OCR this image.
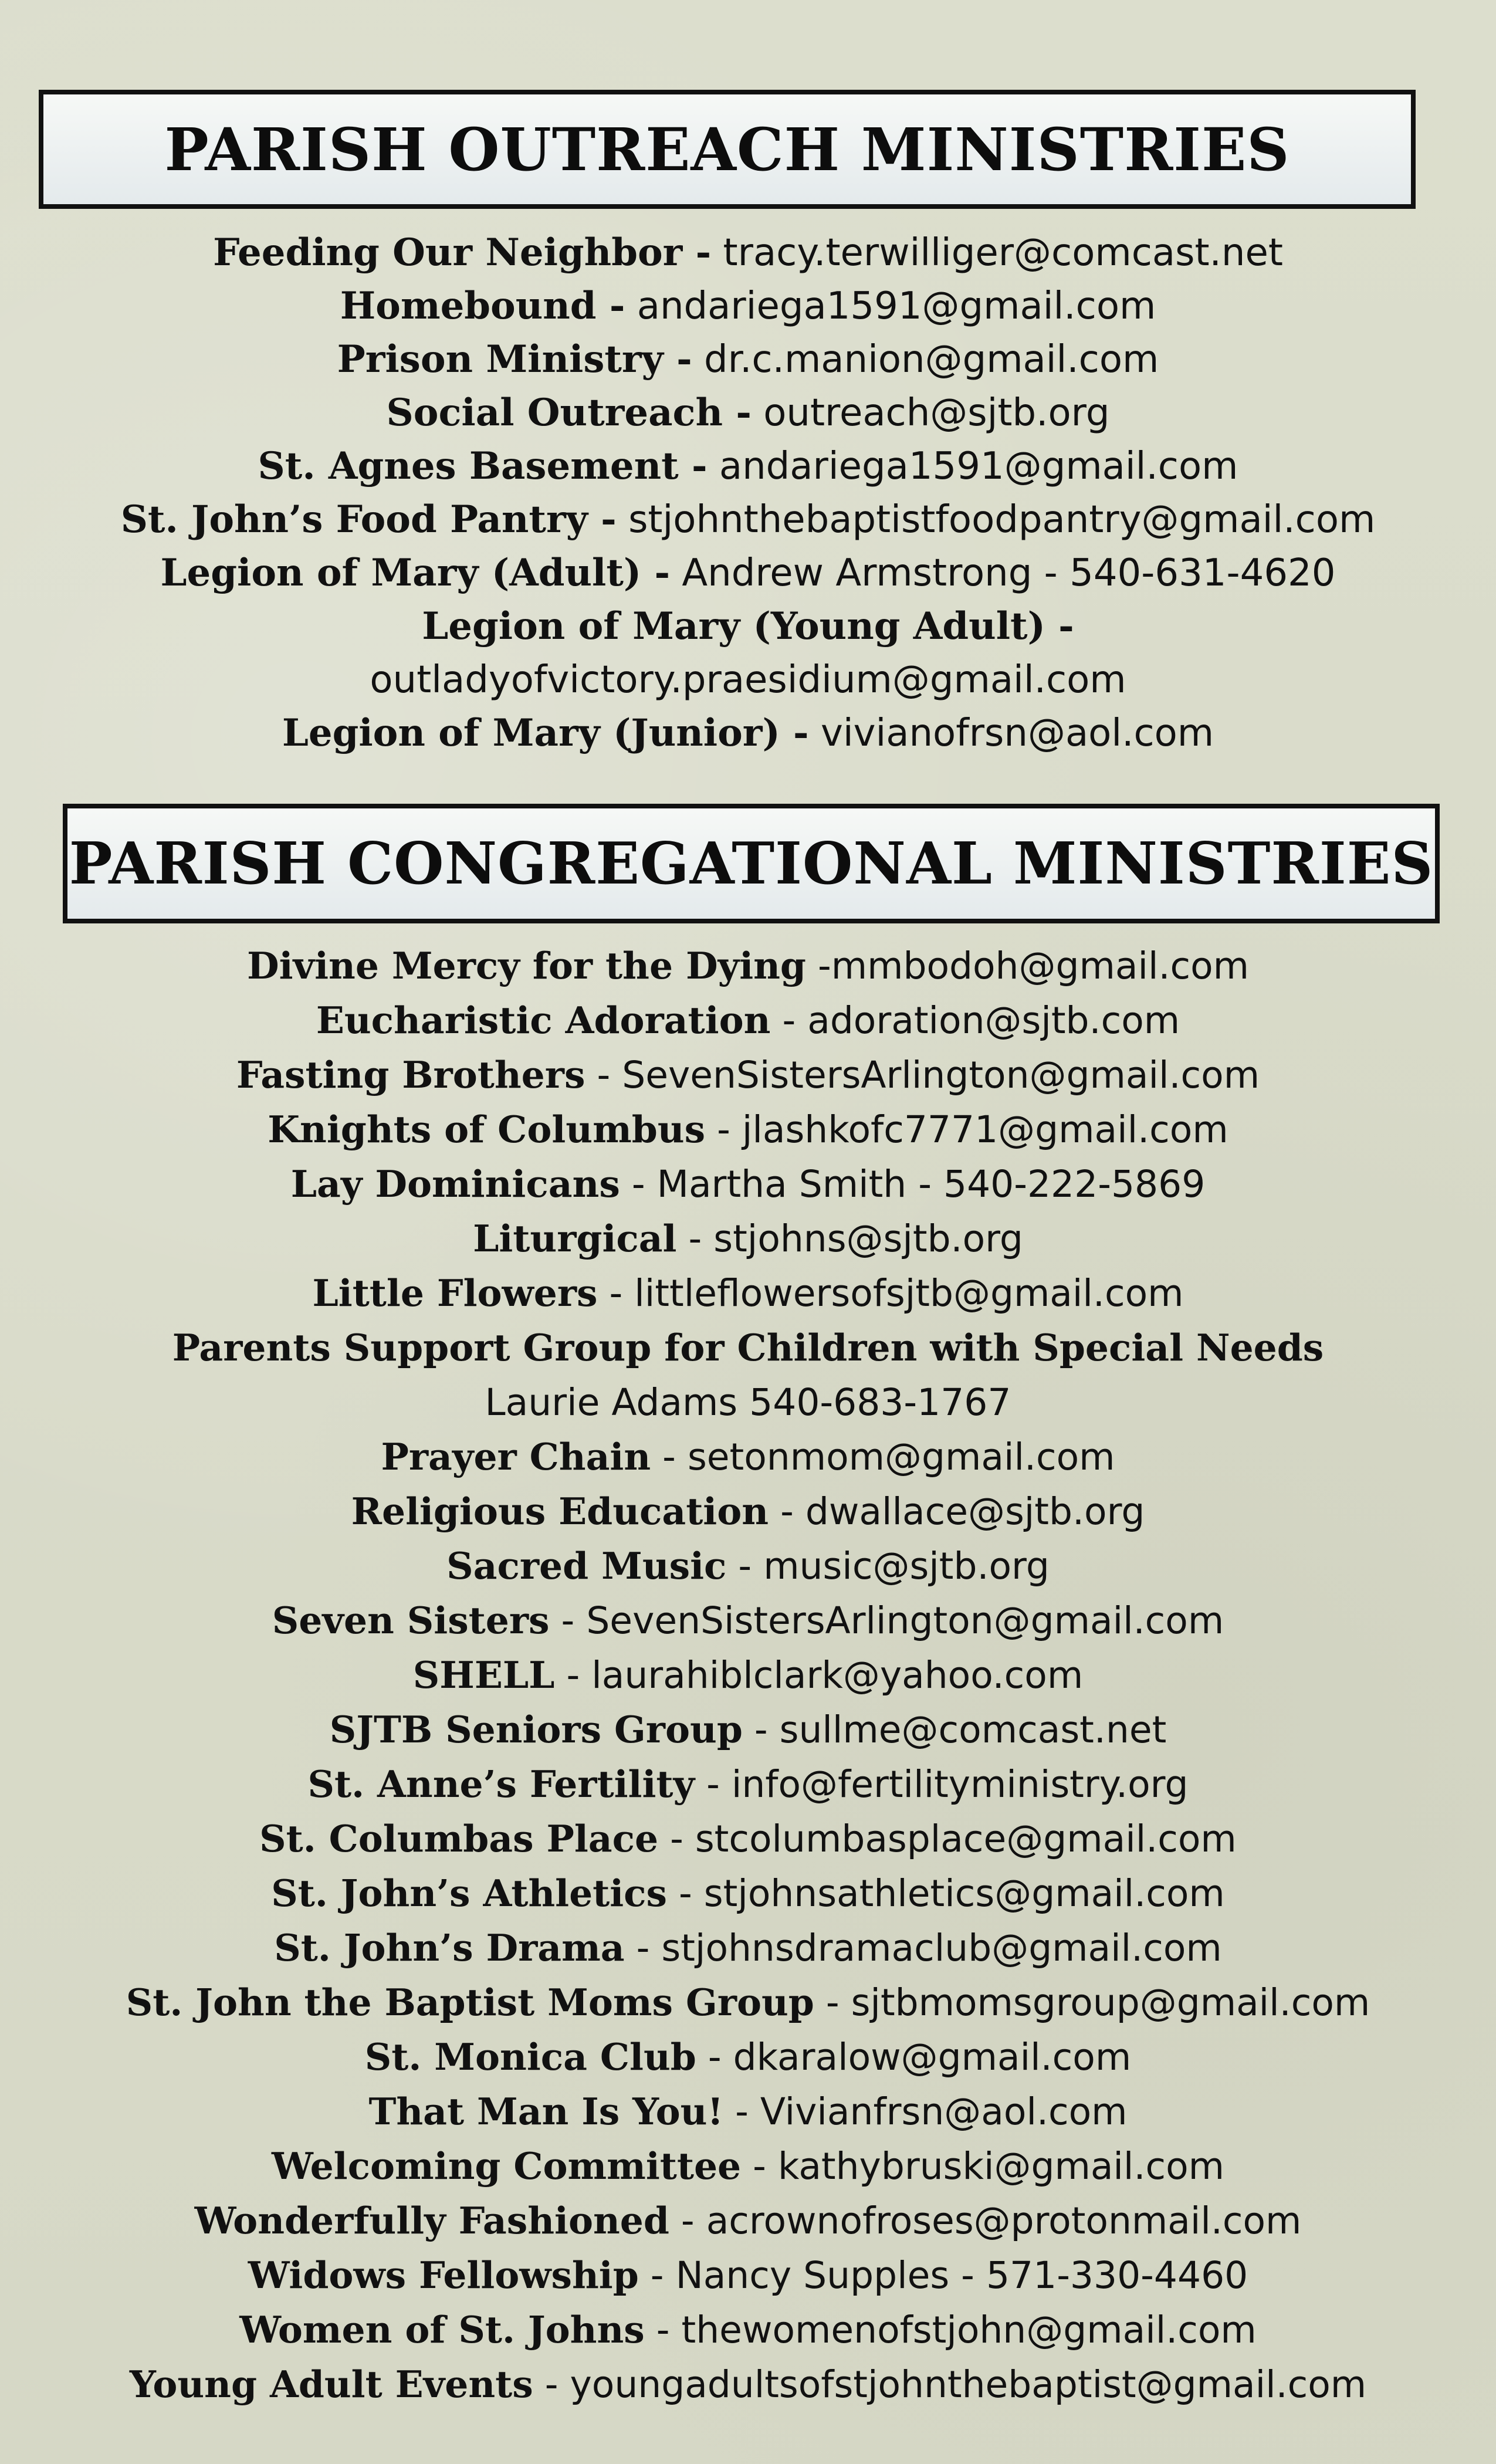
PARISH OUTREACH MINISTRIES
Feeding Our Neighbor - tracy.terwilliger@comcast.net
Homebound - andariega1591@gmail.com
Prison Ministry - dr.c.manion@gmail.com
Social Outreach - outreach@sjtb.org
St. Agnes Basement - andariega1591@gmail.com
St. John’s Food Pantry - stjohnthebaptistfoodpantry@gmail.com
Legion of Mary (Adult) - Andrew Armstrong - 540-631-4620
Legion of Mary (Young Adult) -
outladyofvictory.praesidium@gmail.com
Legion of Mary (Junior) - vivianofrsn@aol.com
PARISH CONGREGATIONAL MINISTRIES
Divine Mercy for the Dying -mmbodoh@gmail.com
Eucharistic Adoration - adoration@sjtb.com
Fasting Brothers - SevenSistersArlington@gmail.com
Knights of Columbus - jlashkofc7771@gmail.com
Lay Dominicans - Martha Smith - 540-222-5869
Liturgical - stjohns@sjtb.org
Little Flowers - littleflowersofsjtb@gmail.com
Parents Support Group for Children with Special Needs
Laurie Adams 540-683-1767
Prayer Chain - setonmom@gmail.com
Religious Education - dwallace@sjtb.org
Sacred Music - music@sjtb.org
Seven Sisters - SevenSistersArlington@gmail.com
SHELL - laurahiblclark@yahoo.com
SJTB Seniors Group - sullme@comcast.net
St. Anne’s Fertility - info@fertilityministry.org
St. Columbas Place - stcolumbasplace@gmail.com
St. John’s Athletics - stjohnsathletics@gmail.com
St. John’s Drama - stjohnsdramaclub@gmail.com
St. John the Baptist Moms Group - sjtbmomsgroup@gmail.com
St. Monica Club - dkaralow@gmail.com
That Man Is You! - Vivianfrsn@aol.com
Welcoming Committee - kathybruski@gmail.com
Wonderfully Fashioned - acrownofroses@protonmail.com
Widows Fellowship - Nancy Supples - 571-330-4460
Women of St. Johns - thewomenofstjohn@gmail.com
Young Adult Events - youngadultsofstjohnthebaptist@gmail.com
